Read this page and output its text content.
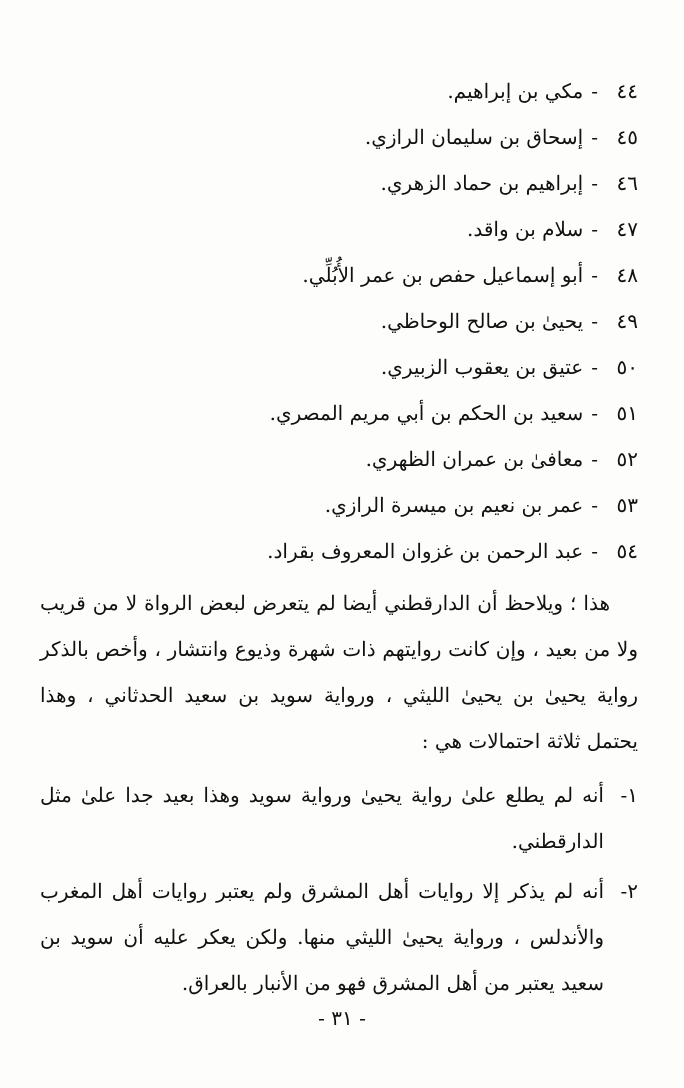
٤٤
-
مكي بن إبراهيم.
٤٥
-
إسحاق بن سليمان الرازي.
٤٦
-
إبراهيم بن حماد الزهري.
٤٧
-
سلام بن واقد.
٤٨
-
أبو إسماعيل حفص بن عمر الأُبُلِّي.
٤٩
-
يحيىٰ بن صالح الوحاظي.
٥٠
-
عتيق بن يعقوب الزبيري.
٥١
-
سعيد بن الحكم بن أبي مريم المصري.
٥٢
-
معافىٰ بن عمران الظهري.
٥٣
-
عمر بن نعيم بن ميسرة الرازي.
٥٤
-
عبد الرحمن بن غزوان المعروف بقراد.

هذا ؛ ويلاحظ أن الدارقطني أيضا لم يتعرض لبعض الرواة لا من قريب ولا من بعيد ، وإن كانت روايتهم ذات شهرة وذيوع وانتشار ، وأخص بالذكر رواية يحيىٰ بن يحيىٰ الليثي ، ورواية سويد بن سعيد الحدثاني ، وهذا يحتمل ثلاثة احتمالات هي :

١-
أنه لم يطلع علىٰ رواية يحيىٰ ورواية سويد وهذا بعيد جدا علىٰ مثل الدارقطني.
٢-
أنه لم يذكر إلا روايات أهل المشرق ولم يعتبر روايات أهل المغرب والأندلس ، ورواية يحيىٰ الليثي منها. ولكن يعكر عليه أن سويد بن سعيد يعتبر من أهل المشرق فهو من الأنبار بالعراق.
- ٣١ -
